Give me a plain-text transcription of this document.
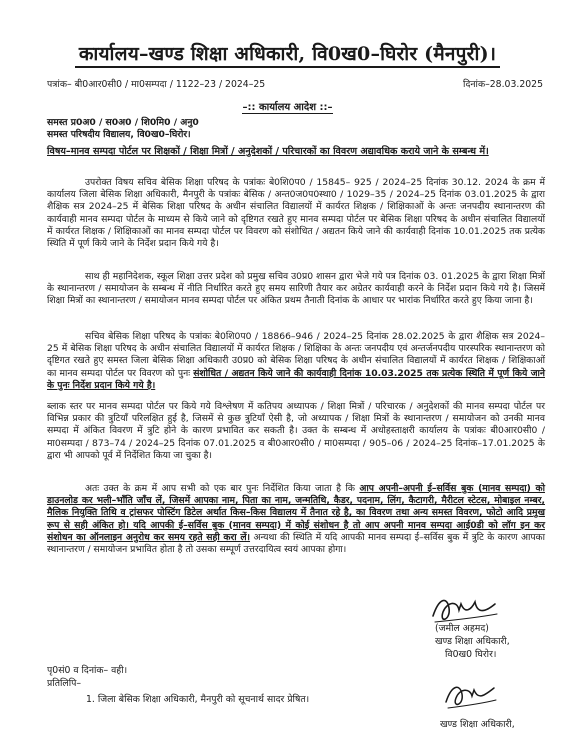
कार्यालय–खण्ड शिक्षा अधिकारी, वि0ख0–घिरोर (मैनपुरी)।
पत्रांक– बी0आर0सी0 / मा0सम्पदा / 1122–23 / 2024–25	दिनांक–28.03.2025
–:: कार्यालय आदेश ::–
समस्त प्र0अ0 / स0अ0 / शि0मि0 / अनु0
समस्त परिषदीय विद्यालय, वि0ख0–घिरोर।
विषय–मानव सम्पदा पोर्टल पर शिक्षकों / शिक्षा मित्रों / अनुदेशकों / परिचारकों का विवरण अद्यावधिक कराये जाने के सम्बन्ध में।
उपरोक्त विषय सचिव बेसिक शिक्षा परिषद के पत्रांकः बे0शि0प0 / 15845– 925 / 2024–25 दिनांक 30.12. 2024 के क्रम में कार्यालय जिला बेसिक शिक्षा अधिकारी, मैनपुरी के पत्रांकः बेसिक / अन्त0ज0प0स्था0 / 1029–35 / 2024–25 दिनांक 03.01.2025 के द्वारा शैक्षिक सत्र 2024–25 में बेसिक शिक्षा परिषद के अधीन संचालित विद्यालयों में कार्यरत शिक्षक / शिक्षिकाओं के अन्तः जनपदीय स्थानान्तरण की कार्यवाही मानव सम्पदा पोर्टल के माध्यम से किये जाने को दृष्टिगत रखते हुए मानव सम्पदा पोर्टल पर बेसिक शिक्षा परिषद के अधीन संचालित विद्यालयों में कार्यरत शिक्षक / शिक्षिकाओं का मानव सम्पदा पोर्टल पर विवरण को संशोधित / अद्यतन किये जाने की कार्यवाही दिनांक 10.01.2025 तक प्रत्येक स्थिति में पूर्ण किये जाने के निर्देश प्रदान किये गये है।
साथ ही महानिदेशक, स्कूल शिक्षा उत्तर प्रदेश को प्रमुख सचिव उ0प्र0 शासन द्वारा भेजे गये पत्र दिनांक 03. 01.2025 के द्वारा शिक्षा मित्रों के स्थानान्तरण / समायोजन के सम्बन्ध में नीति निर्धारित करते हुए समय सारिणी तैयार कर अग्रेतर कार्यवाही करने के निर्देश प्रदान किये गये है। जिसमें शिक्षा मित्रों का स्थानान्तरण / समायोजन मानव सम्पदा पोर्टल पर अंकित प्रथम तैनाती दिनांक के आधार पर भारांक निर्धारित करते हुए किया जाना है।
सचिव बेसिक शिक्षा परिषद के पत्रांकः बे0शि0प0 / 18866–946 / 2024–25 दिनांक 28.02.2025 के द्वारा शैक्षिक सत्र 2024–25 में बेसिक शिक्षा परिषद के अधीन संचालित विद्यालयों में कार्यरत शिक्षक / शिक्षिका के अन्तः जनपदीय एवं अन्तर्जनपदीय पारस्परिक स्थानान्तरण को दृष्टिगत रखते हुए समस्त जिला बेसिक शिक्षा अधिकारी उ0प्र0 को बेसिक शिक्षा परिषद के अधीन संचालित विद्यालयों में कार्यरत शिक्षक / शिक्षिकाओं का मानव सम्पदा पोर्टल पर विवरण को पुनः संशोधित / अद्यतन किये जाने की कार्यवाही दिनांक 10.03.2025 तक प्रत्येक स्थिति में पूर्ण किये जाने के पुनः निर्देश प्रदान किये गये है।
ब्लाक स्तर पर मानव सम्पदा पोर्टल पर किये गये विश्लेषण में कतिपय अध्यापक / शिक्षा मित्रों / परिचारक / अनुदेशकों की मानव सम्पदा पोर्टल पर विभिन्न प्रकार की त्रुटियाँ परिलक्षित हुई है, जिसमें से कुछ त्रुटियाँ ऐसी है, जो अध्यापक / शिक्षा मित्रों के स्थानान्तरण / समायोजन को उनकी मानव सम्पदा में अंकित विवरण में त्रुटि होने के कारण प्रभावित कर सकती है। उक्त के सम्बन्ध में अधोहस्ताक्षरी कार्यालय के पत्रांकः बी0आर0सी0 / मा0सम्पदा / 873–74 / 2024–25 दिनांक 07.01.2025 व बी0आर0सी0 / मा0सम्पदा / 905–06 / 2024–25 दिनांक–17.01.2025 के द्वारा भी आपको पूर्व में निर्देशित किया जा चुका है।
अतः उक्त के क्रम में आप सभी को एक बार पुनः निर्देशित किया जाता है कि आप अपनी–अपनी ई–सर्विस बुक (मानव सम्पदा) को डाउनलोड कर भली–भाँति जाँच लें, जिसमें आपका नाम, पिता का नाम, जन्मतिथि, कैडर, पदनाम, लिंग, कैटागरी, मैरीटल स्टेटस, मोबाइल नम्बर, मैलिक नियुक्ति तिथि व ट्रांसफर पोस्टिंग डिटेल अर्थात किस–किस विद्यालय में तैनात रहे है, का विवरण तथा अन्य समस्त विवरण, फोटो आदि प्रमुख रूप से सही अंकित हो। यदि आपकी ई–सर्विस बुक (मानव सम्पदा) में कोई संशोधन है तो आप अपनी मानव सम्पदा आई0डी को लॉग इन कर संशोधन का ऑनलाइन अनुरोध कर समय रहते सही करा लें। अन्यथा की स्थिति में यदि आपकी मानव सम्पदा ई–सर्विस बुक में त्रुटि के कारण आपका स्थानान्तरण / समायोजन प्रभावित होता है तो उसका सम्पूर्ण उत्तरदायित्व स्वयं आपका होगा।
(जमील अहमद)
खण्ड शिक्षा अधिकारी,
वि0ख0 घिरोर।
पृ0सं0 व दिनांक– वही।
प्रतिलिपि–
1. जिला बेसिक शिक्षा अधिकारी, मैनपुरी को सूचनार्थ सादर प्रेषित।
खण्ड शिक्षा अधिकारी,
